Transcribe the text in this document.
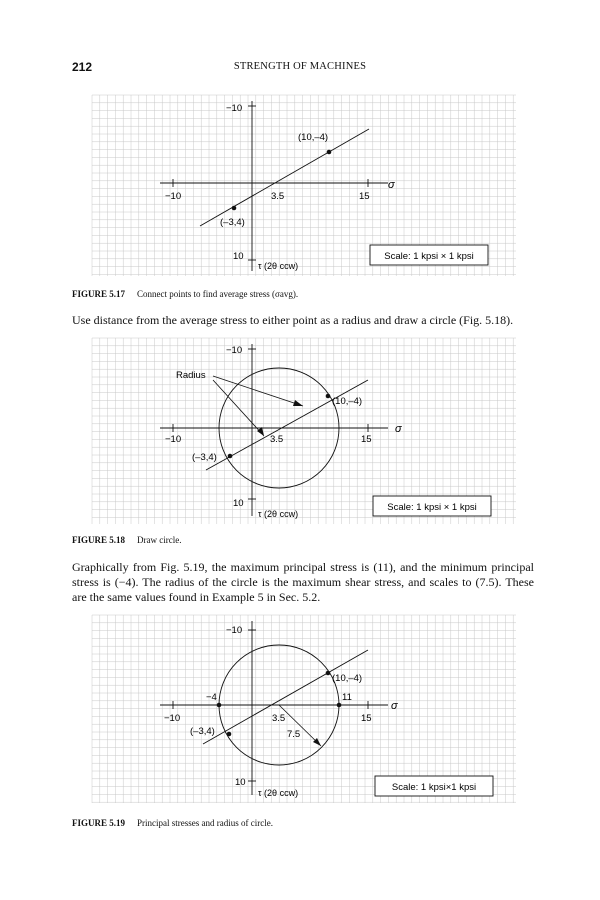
212	STRENGTH OF MACHINES
−10
(10,–4)
σ
−10	3.5	15
(–3,4)
10
τ (2θ ccw)
Scale: 1 kpsi × 1 kpsi
FIGURE 5.17 Connect points to find average stress (σavg).
Use distance from the average stress to either point as a radius and draw a circle (Fig. 5.18).
−10
Radius
(10,–4)
σ
−10	3.5	15
(–3,4)
10
τ (2θ ccw)
Scale: 1 kpsi × 1 kpsi
FIGURE 5.18 Draw circle.
Graphically from Fig. 5.19, the maximum principal stress is (11), and the minimum principal stress is (−4). The radius of the circle is the maximum shear stress, and scales to (7.5). These are the same values found in Example 5 in Sec. 5.2.
−10
(10,–4)
−4	11
σ
−10	3.5	15
(–3,4)	7.5
10
τ (2θ ccw)	Scale: 1 kpsi×1 kpsi
FIGURE 5.19 Principal stresses and radius of circle.
